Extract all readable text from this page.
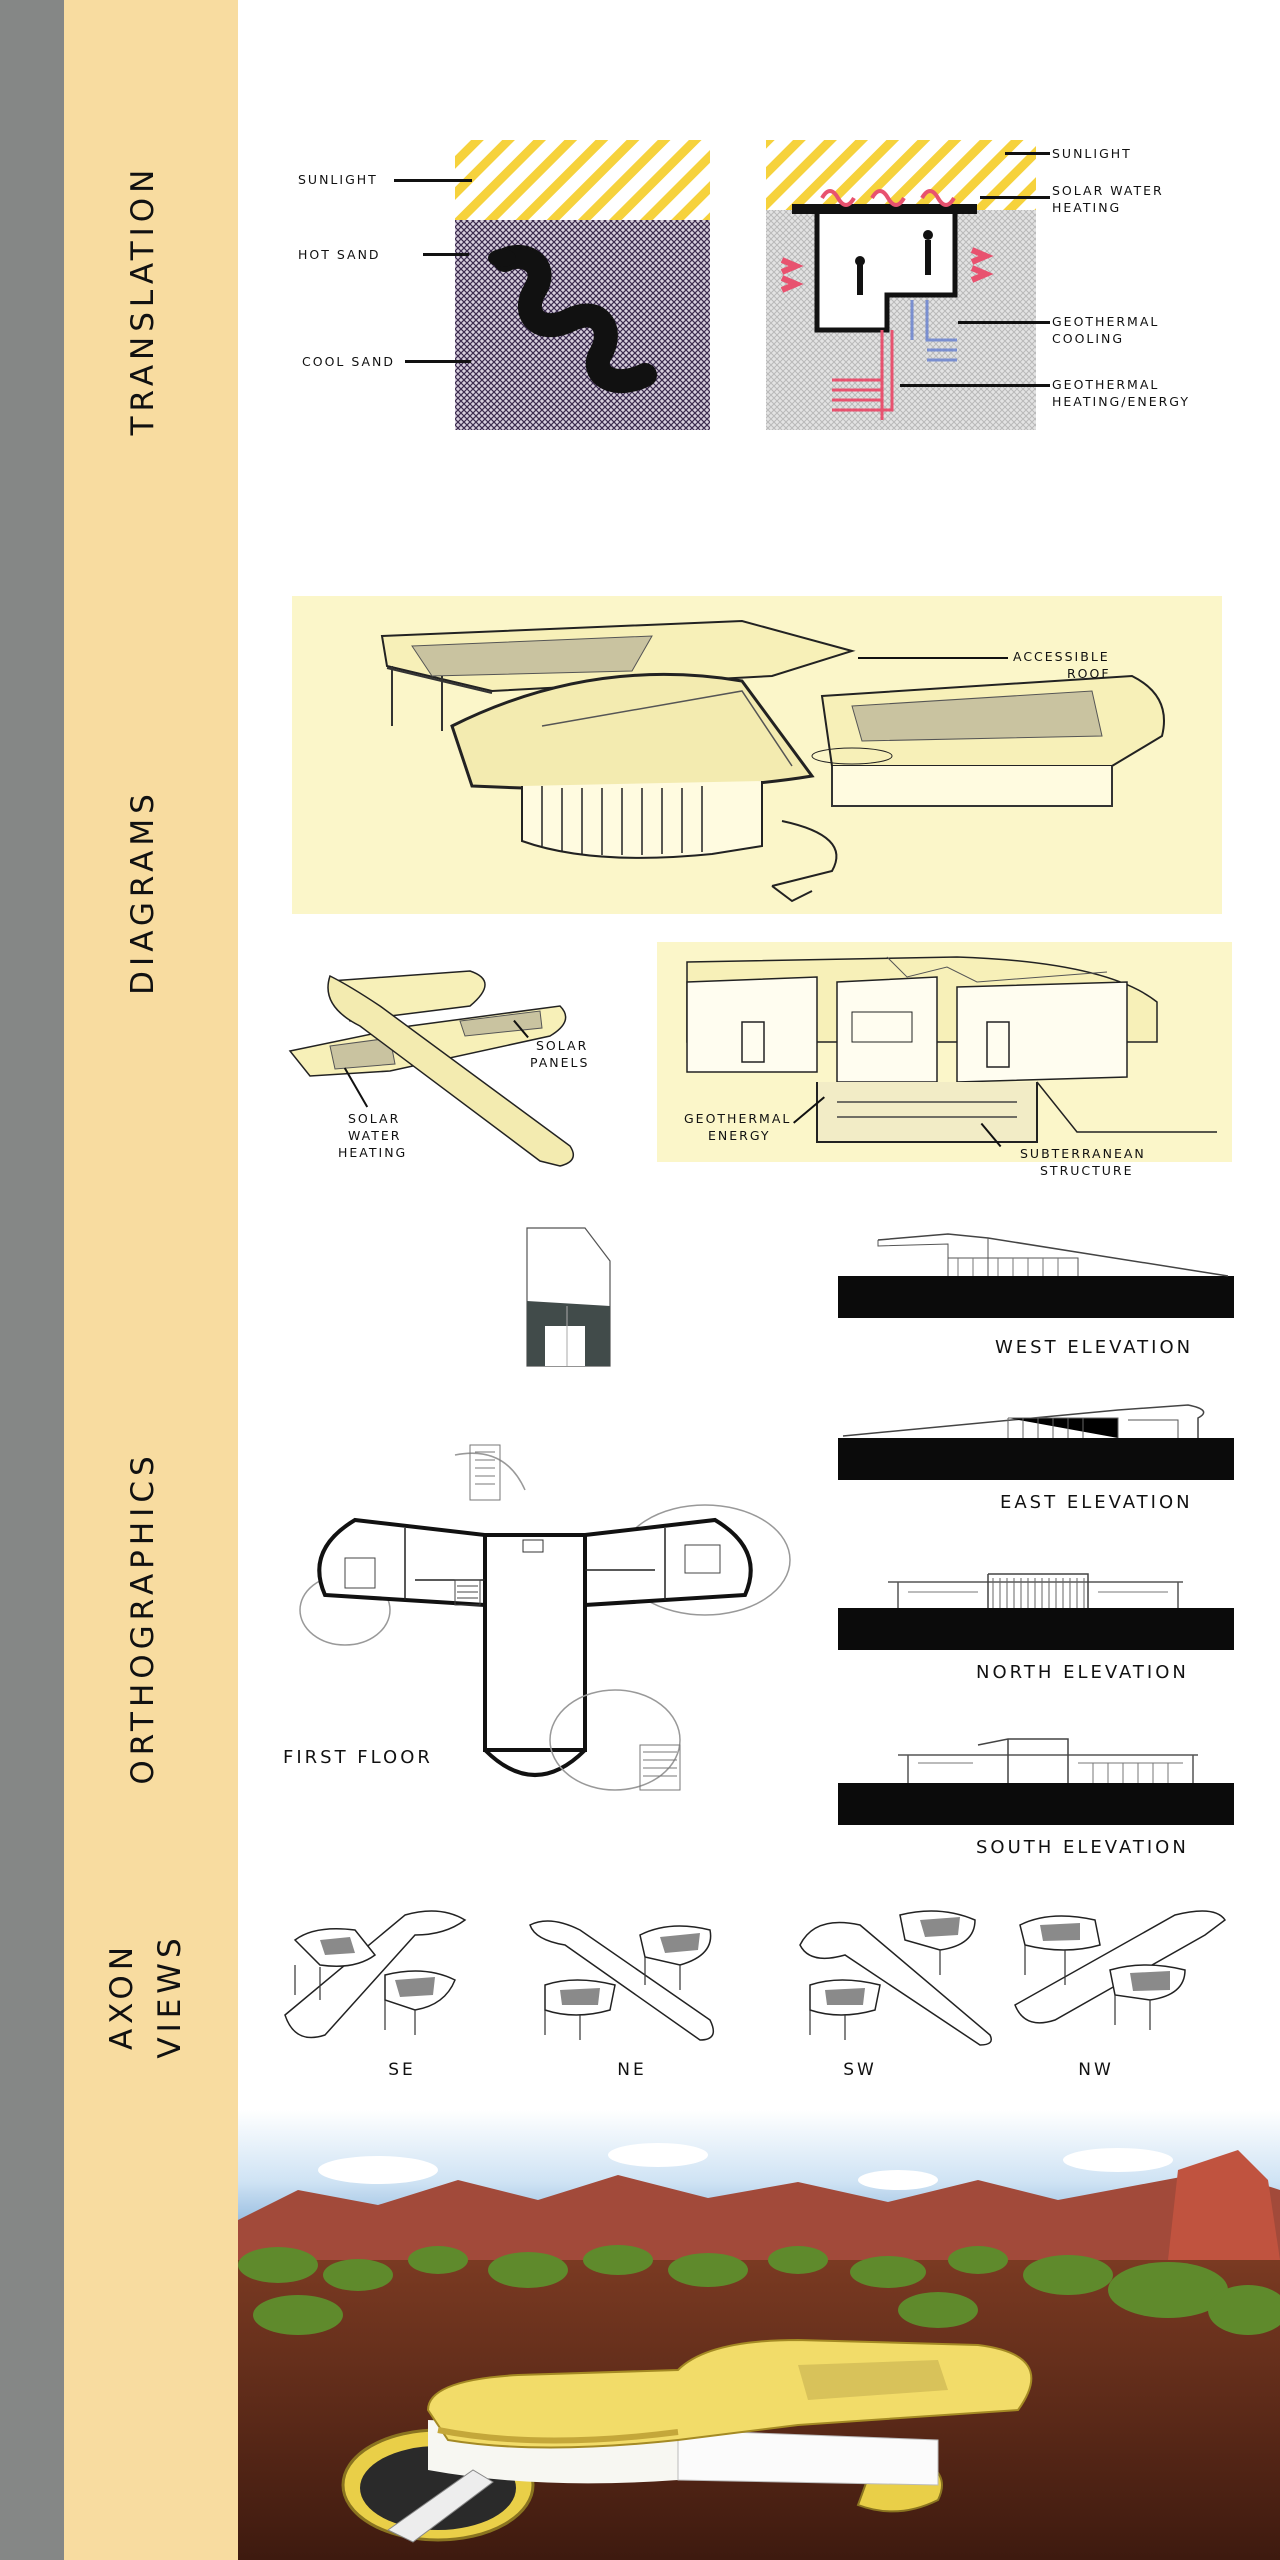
TRANSLATION
DIAGRAMS
ORTHOGRAPHICS
AXON VIEWS
SUNLIGHT
HOT SAND
COOL SAND
SUNLIGHT
SOLAR WATER
HEATING
GEOTHERMAL
COOLING
GEOTHERMAL
HEATING/ENERGY
ACCESSIBLE
ROOF
SOLAR
PANELS
SOLAR
WATER
HEATING
GEOTHERMAL
ENERGY
SUBTERRANEAN
STRUCTURE
FIRST FLOOR
WEST ELEVATION
EAST ELEVATION
NORTH ELEVATION
SOUTH ELEVATION
SE	NE	SW	NW
